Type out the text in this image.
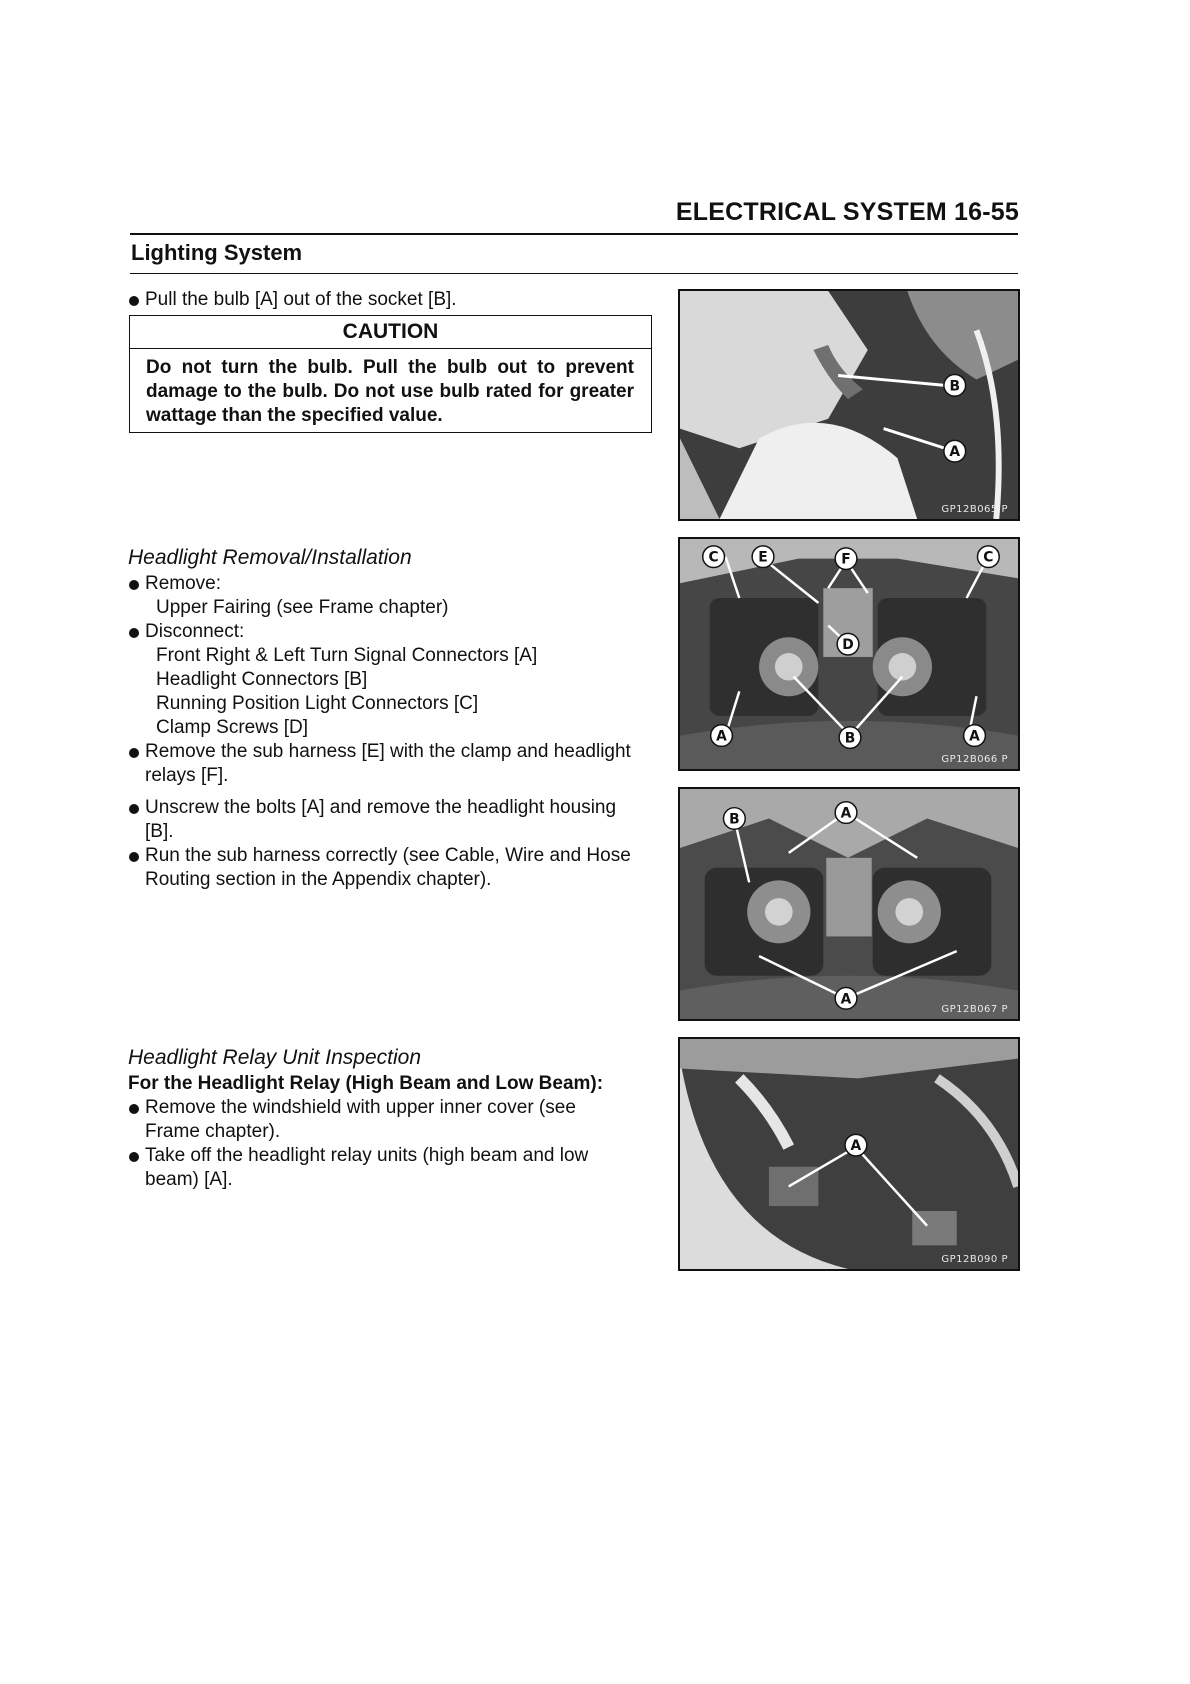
ELECTRICAL SYSTEM 16-55
Lighting System
Pull the bulb [A] out of the socket [B].
CAUTION
Do not turn the bulb. Pull the bulb out to prevent damage to the bulb. Do not use bulb rated for greater wattage than the specified value.
Headlight Removal/Installation
Remove:
Upper Fairing (see Frame chapter)
Disconnect:
Front Right & Left Turn Signal Connectors [A]
Headlight Connectors [B]
Running Position Light Connectors [C]
Clamp Screws [D]
Remove the sub harness [E] with the clamp and headlight
relays [F].
Unscrew the bolts [A] and remove the headlight housing
[B].
Run the sub harness correctly (see Cable, Wire and Hose
Routing section in the Appendix chapter).
Headlight Relay Unit Inspection
For the Headlight Relay (High Beam and Low Beam):
Remove the windshield with upper inner cover (see
Frame chapter).
Take off the headlight relay units (high beam and low
beam) [A].
B
A
GP12B065 P
C	E	F	C
D
A	B	A
GP12B066 P
B	A
A
GP12B067 P
A
GP12B090 P
